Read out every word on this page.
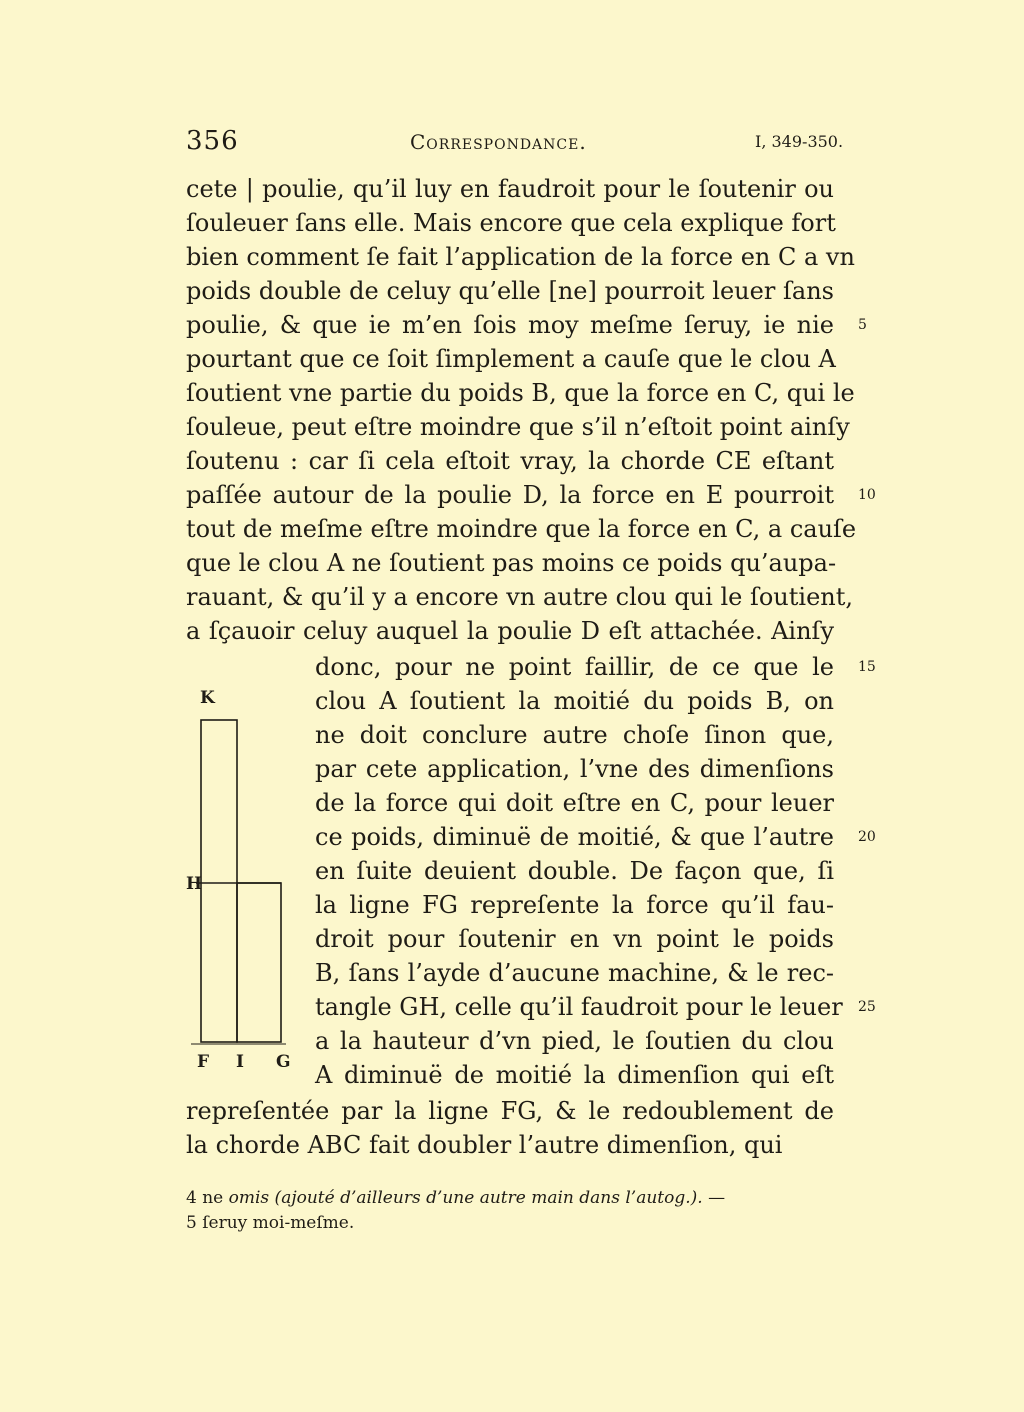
356	Correspondance.	I, 349-350.
cete | poulie, qu’il luy en faudroit pour le ſoutenir ou
ſouleuer ſans elle. Mais encore que cela explique fort
bien comment ſe fait l’application de la force en C a vn
poids double de celuy qu’elle [ne] pourroit leuer ſans
poulie, & que ie m’en ſois moy meſme ſeruy, ie nie
pourtant que ce ſoit ſimplement a cauſe que le clou A
ſoutient vne partie du poids B, que la force en C, qui le
ſouleue, peut eſtre moindre que s’il n’eſtoit point ainſy
ſoutenu : car ſi cela eſtoit vray, la chorde CE eſtant
paſſée autour de la poulie D, la force en E pourroit
tout de meſme eſtre moindre que la force en C, a cauſe
que le clou A ne ſoutient pas moins ce poids qu’aupa-
rauant, & qu’il y a encore vn autre clou qui le ſoutient,
a ſçauoir celuy auquel la poulie D eſt attachée. Ainſy
donc, pour ne point faillir, de ce que le
clou A ſoutient la moitié du poids B, on
ne doit conclure autre choſe ſinon que,
par cete application, l’vne des dimenſions
de la force qui doit eſtre en C, pour leuer
ce poids, diminuë de moitié, & que l’autre
en ſuite deuient double. De façon que, ſi
la ligne FG repreſente la force qu’il fau-
droit pour ſoutenir en vn point le poids
B, ſans l’ayde d’aucune machine, & le rec-
tangle GH, celle qu’il faudroit pour le leuer
a la hauteur d’vn pied, le ſoutien du clou
A diminuë de moitié la dimenſion qui eſt
repreſentée par la ligne FG, & le redoublement de
la chorde ABC fait doubler l’autre dimenſion, qui
5
10
15
20
25
K
H
F I G
4 ne omis (ajouté d’ailleurs d’une autre main dans l’autog.). —
5 ſeruy moi-meſme.
